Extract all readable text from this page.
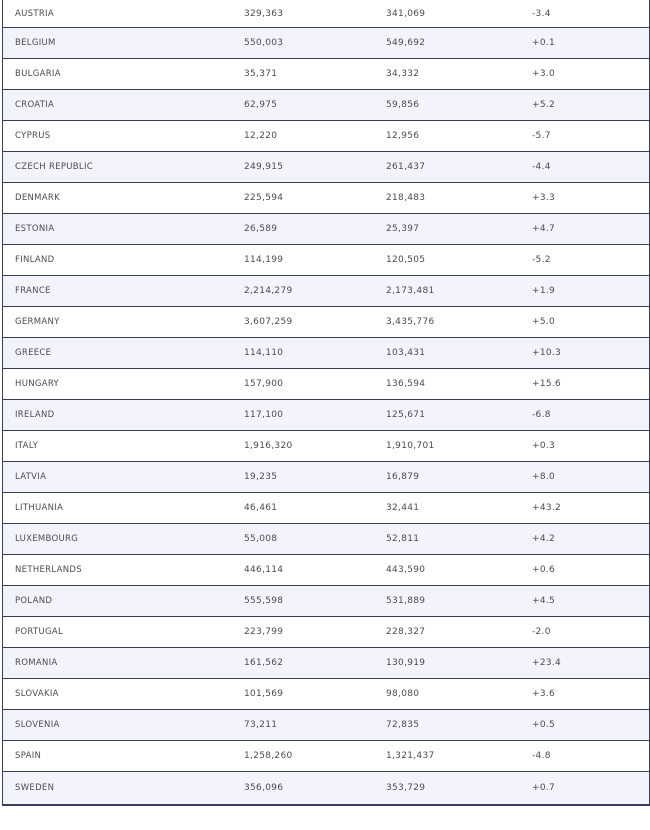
AUSTRIA	329,363	341,069	-3.4
BELGIUM	550,003	549,692	+0.1
BULGARIA	35,371	34,332	+3.0
CROATIA	62,975	59,856	+5.2
CYPRUS	12,220	12,956	-5.7
CZECH REPUBLIC	249,915	261,437	-4.4
DENMARK	225,594	218,483	+3.3
ESTONIA	26,589	25,397	+4.7
FINLAND	114,199	120,505	-5.2
FRANCE	2,214,279	2,173,481	+1.9
GERMANY	3,607,259	3,435,776	+5.0
GREECE	114,110	103,431	+10.3
HUNGARY	157,900	136,594	+15.6
IRELAND	117,100	125,671	-6.8
ITALY	1,916,320	1,910,701	+0.3
LATVIA	19,235	16,879	+8.0
LITHUANIA	46,461	32,441	+43.2
LUXEMBOURG	55,008	52,811	+4.2
NETHERLANDS	446,114	443,590	+0.6
POLAND	555,598	531,889	+4.5
PORTUGAL	223,799	228,327	-2.0
ROMANIA	161,562	130,919	+23.4
SLOVAKIA	101,569	98,080	+3.6
SLOVENIA	73,211	72,835	+0.5
SPAIN	1,258,260	1,321,437	-4.8
SWEDEN	356,096	353,729	+0.7
